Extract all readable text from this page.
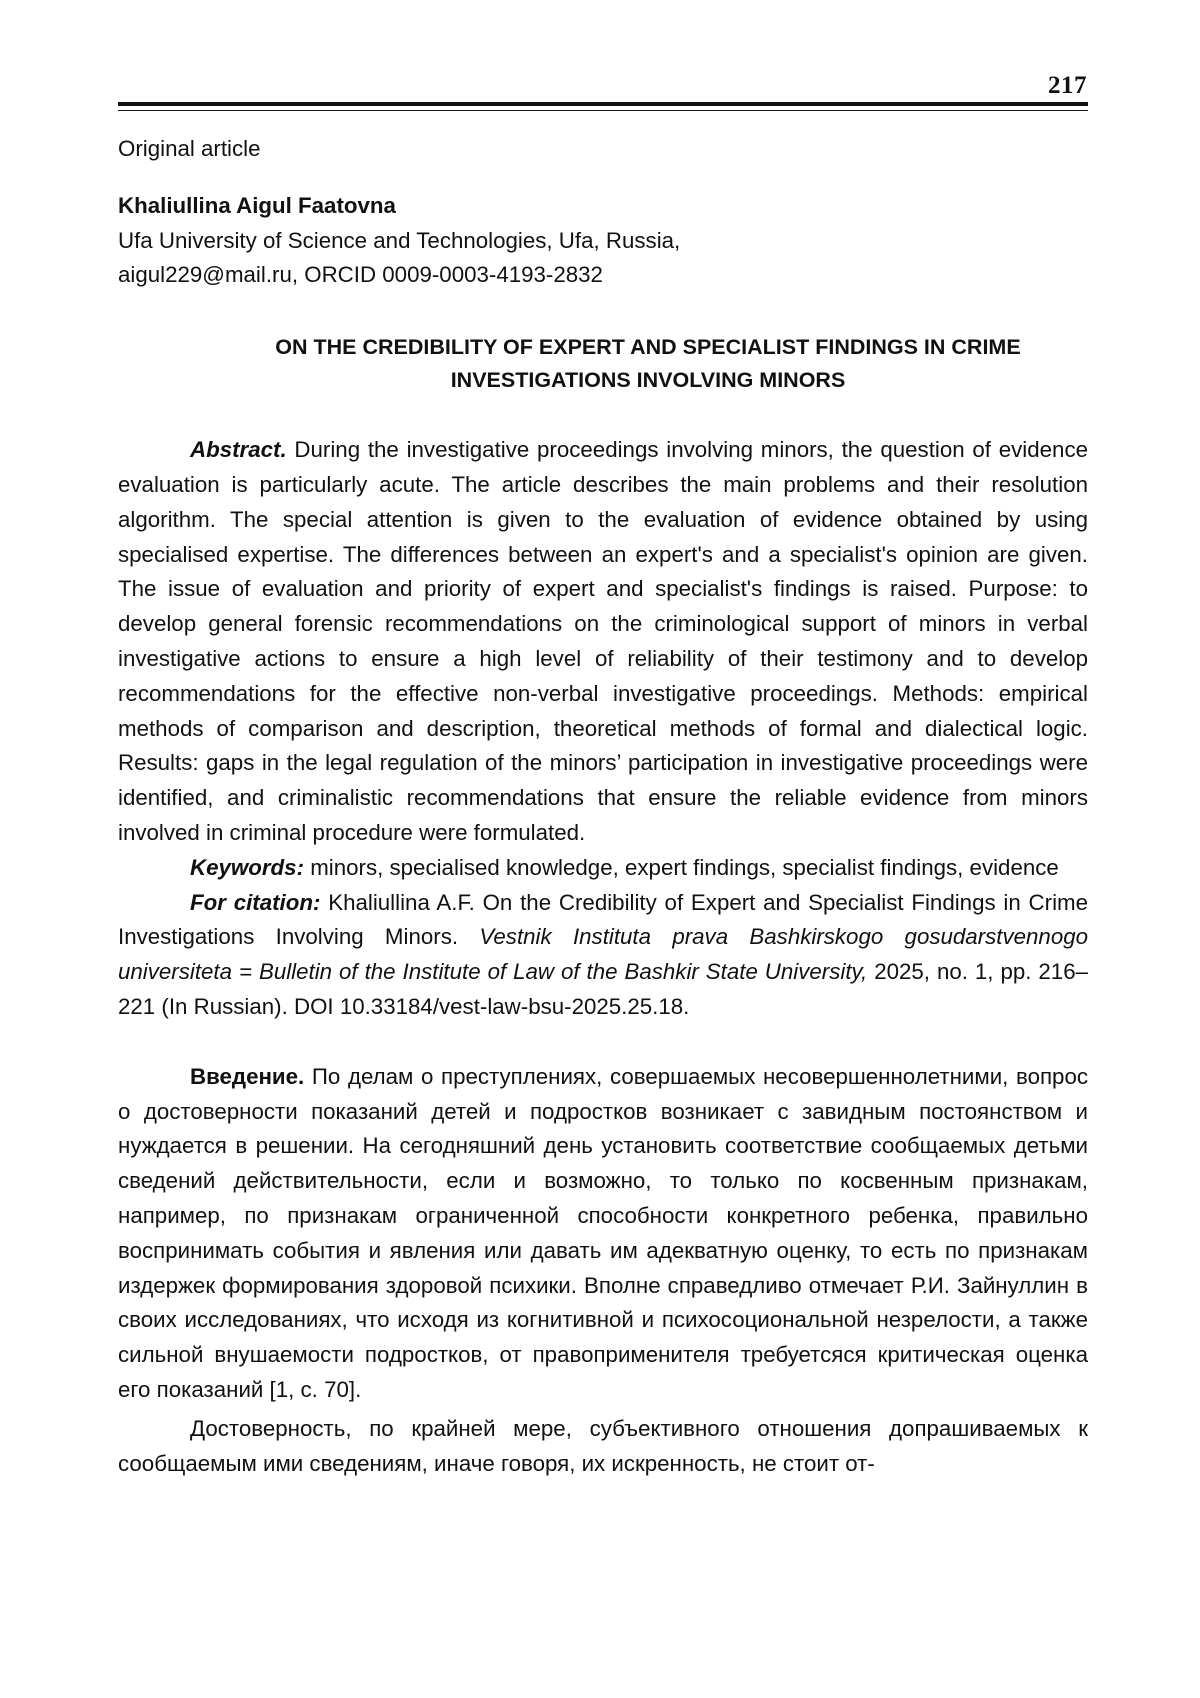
217

Original article

Khaliullina Aigul Faatovna

Ufa University of Science and Technologies, Ufa, Russia,

aigul229@mail.ru, ORCID 0009-0003-4193-2832

ON THE CREDIBILITY OF EXPERT AND SPECIALIST FINDINGS IN CRIME INVESTIGATIONS INVOLVING MINORS

Abstract. During the investigative proceedings involving minors, the question of evidence evaluation is particularly acute. The article describes the main problems and their resolution algorithm. The special attention is given to the evaluation of evidence obtained by using specialised expertise. The differences between an expert's and a specialist's opinion are given. The issue of evaluation and priority of expert and specialist's findings is raised. Purpose: to develop general forensic recommendations on the criminological support of minors in verbal investigative actions to ensure a high level of reliability of their testimony and to develop recommendations for the effective non-verbal investigative proceedings. Methods: empirical methods of comparison and description, theoretical methods of formal and dialectical logic. Results: gaps in the legal regulation of the minors’ participation in investigative proceedings were identified, and criminalistic recommendations that ensure the reliable evidence from minors involved in criminal procedure were formulated.

Keywords: minors, specialised knowledge, expert findings, specialist findings, evidence

For citation: Khaliullina A.F. On the Credibility of Expert and Specialist Findings in Crime Investigations Involving Minors. Vestnik Instituta prava Bashkirskogo gosudarstvennogo universiteta = Bulletin of the Institute of Law of the Bashkir State University, 2025, no. 1, pp. 216–221 (In Russian). DOI 10.33184/vest-law-bsu-2025.25.18.

Введение. По делам о преступлениях, совершаемых несовершеннолетними, вопрос о достоверности показаний детей и подростков возникает с завидным постоянством и нуждается в решении. На сегодняшний день установить соответствие сообщаемых детьми сведений действительности, если и возможно, то только по косвенным признакам, например, по признакам ограниченной способности конкретного ребенка, правильно воспринимать события и явления или давать им адекватную оценку, то есть по признакам издержек формирования здоровой психики. Вполне справедливо отмечает Р.И. Зайнуллин в своих исследованиях, что исходя из когнитивной и психосоциональной незрелости, а также сильной внушаемости подростков, от правоприменителя требуетсяся критическая оценка его показаний [1, с. 70].

Достоверность, по крайней мере, субъективного отношения допрашиваемых к сообщаемым ими сведениям, иначе говоря, их искренность, не стоит от-
